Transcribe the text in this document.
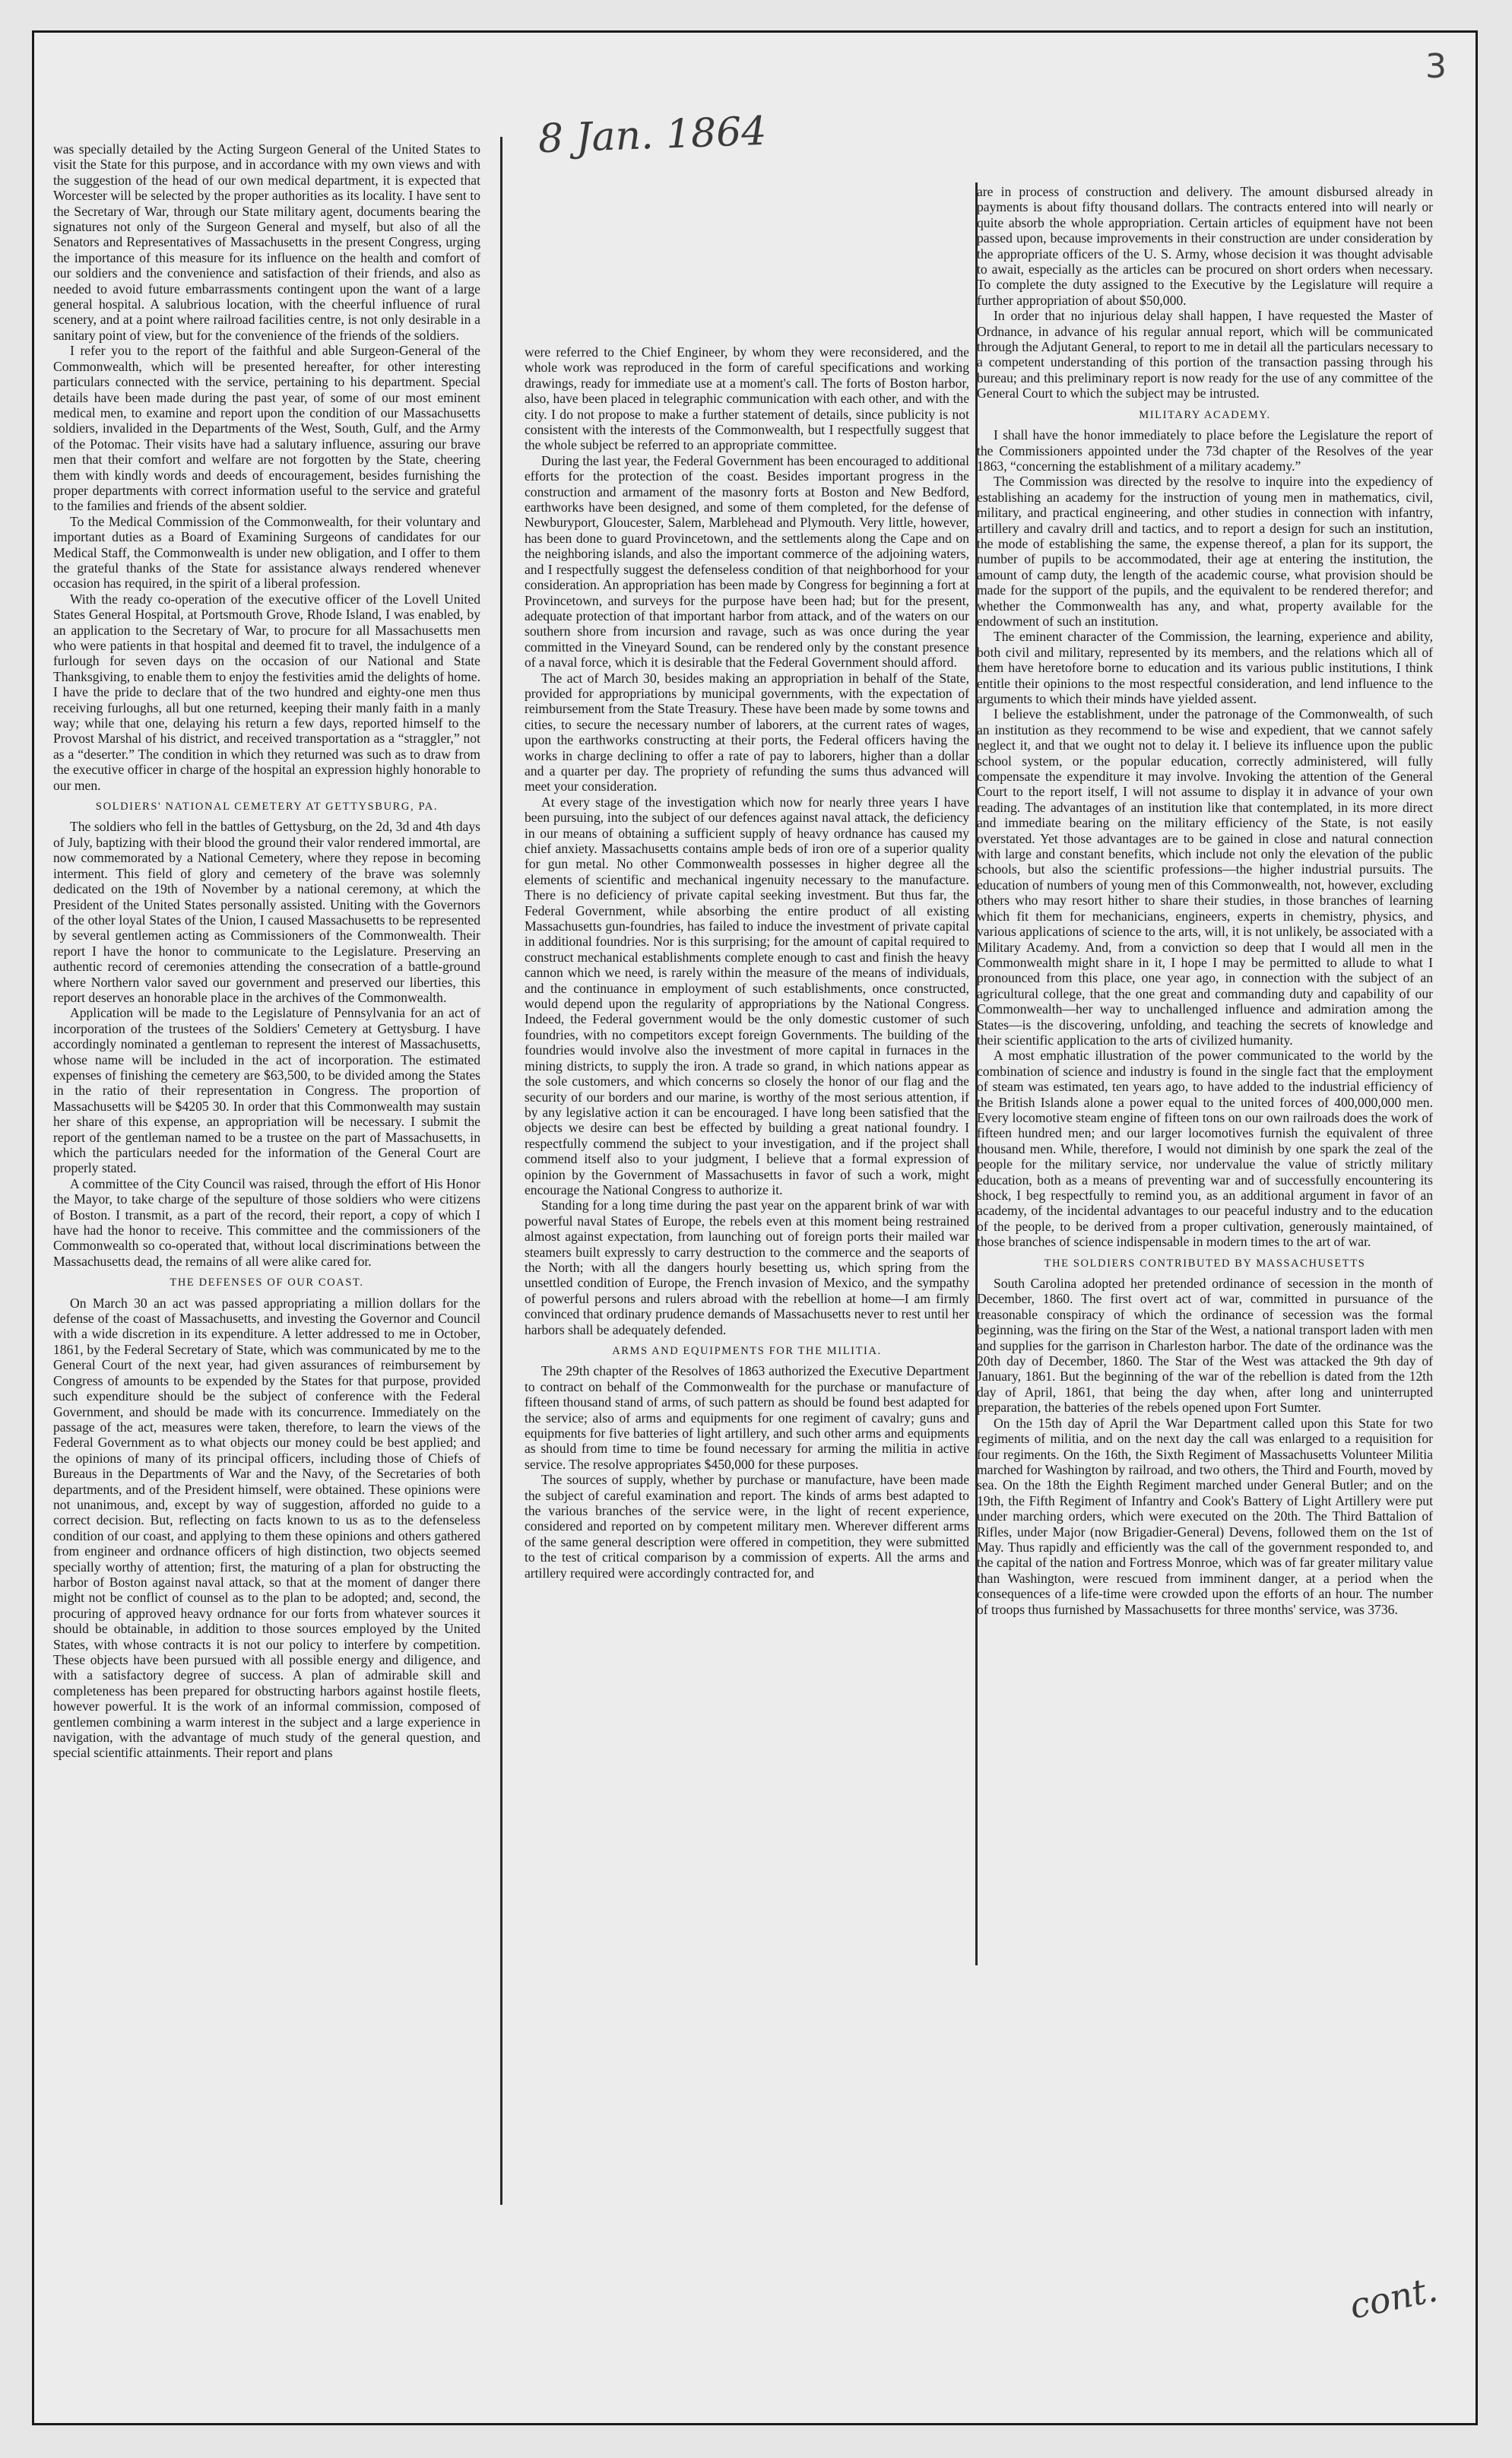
3
8 Jan. 1864
cont.

was specially detailed by the Acting Surgeon General of the United States to visit the State for this purpose, and in accordance with my own views and with the suggestion of the head of our own medical department, it is expected that Worcester will be selected by the proper authorities as its locality. I have sent to the Secretary of War, through our State military agent, documents bearing the signatures not only of the Surgeon General and myself, but also of all the Senators and Representatives of Massachusetts in the present Congress, urging the importance of this measure for its influence on the health and comfort of our soldiers and the convenience and satisfaction of their friends, and also as needed to avoid future embarrassments contingent upon the want of a large general hospital. A salubrious location, with the cheerful influence of rural scenery, and at a point where railroad facilities centre, is not only desirable in a sanitary point of view, but for the convenience of the friends of the soldiers.

I refer you to the report of the faithful and able Surgeon-General of the Commonwealth, which will be presented hereafter, for other interesting particulars connected with the service, pertaining to his department. Special details have been made during the past year, of some of our most eminent medical men, to examine and report upon the condition of our Massachusetts soldiers, invalided in the Departments of the West, South, Gulf, and the Army of the Potomac. Their visits have had a salutary influence, assuring our brave men that their comfort and welfare are not forgotten by the State, cheering them with kindly words and deeds of encouragement, besides furnishing the proper departments with correct information useful to the service and grateful to the families and friends of the absent soldier.

To the Medical Commission of the Commonwealth, for their voluntary and important duties as a Board of Examining Surgeons of candidates for our Medical Staff, the Commonwealth is under new obligation, and I offer to them the grateful thanks of the State for assistance always rendered whenever occasion has required, in the spirit of a liberal profession.

With the ready co-operation of the executive officer of the Lovell United States General Hospital, at Portsmouth Grove, Rhode Island, I was enabled, by an application to the Secretary of War, to procure for all Massachusetts men who were patients in that hospital and deemed fit to travel, the indulgence of a furlough for seven days on the occasion of our National and State Thanksgiving, to enable them to enjoy the festivities amid the delights of home. I have the pride to declare that of the two hundred and eighty-one men thus receiving furloughs, all but one returned, keeping their manly faith in a manly way; while that one, delaying his return a few days, reported himself to the Provost Marshal of his district, and received transportation as a “straggler,” not as a “deserter.” The condition in which they returned was such as to draw from the executive officer in charge of the hospital an expression highly honorable to our men.

SOLDIERS' NATIONAL CEMETERY AT GETTYSBURG, PA.

The soldiers who fell in the battles of Gettysburg, on the 2d, 3d and 4th days of July, baptizing with their blood the ground their valor rendered immortal, are now commemorated by a National Cemetery, where they repose in becoming interment. This field of glory and cemetery of the brave was solemnly dedicated on the 19th of November by a national ceremony, at which the President of the United States personally assisted. Uniting with the Governors of the other loyal States of the Union, I caused Massachusetts to be represented by several gentlemen acting as Commissioners of the Commonwealth. Their report I have the honor to communicate to the Legislature. Preserving an authentic record of ceremonies attending the consecration of a battle-ground where Northern valor saved our government and preserved our liberties, this report deserves an honorable place in the archives of the Commonwealth.

Application will be made to the Legislature of Pennsylvania for an act of incorporation of the trustees of the Soldiers' Cemetery at Gettysburg. I have accordingly nominated a gentleman to represent the interest of Massachusetts, whose name will be included in the act of incorporation. The estimated expenses of finishing the cemetery are $63,500, to be divided among the States in the ratio of their representation in Congress. The proportion of Massachusetts will be $4205 30. In order that this Commonwealth may sustain her share of this expense, an appropriation will be necessary. I submit the report of the gentleman named to be a trustee on the part of Massachusetts, in which the particulars needed for the information of the General Court are properly stated.

A committee of the City Council was raised, through the effort of His Honor the Mayor, to take charge of the sepulture of those soldiers who were citizens of Boston. I transmit, as a part of the record, their report, a copy of which I have had the honor to receive. This committee and the commissioners of the Commonwealth so co-operated that, without local discriminations between the Massachusetts dead, the remains of all were alike cared for.

THE DEFENSES OF OUR COAST.

On March 30 an act was passed appropriating a million dollars for the defense of the coast of Massachusetts, and investing the Governor and Council with a wide discretion in its expenditure. A letter addressed to me in October, 1861, by the Federal Secretary of State, which was communicated by me to the General Court of the next year, had given assurances of reimbursement by Congress of amounts to be expended by the States for that purpose, provided such expenditure should be the subject of conference with the Federal Government, and should be made with its concurrence. Immediately on the passage of the act, measures were taken, therefore, to learn the views of the Federal Government as to what objects our money could be best applied; and the opinions of many of its principal officers, including those of Chiefs of Bureaus in the Departments of War and the Navy, of the Secretaries of both departments, and of the President himself, were obtained. These opinions were not unanimous, and, except by way of suggestion, afforded no guide to a correct decision. But, reflecting on facts known to us as to the defenseless condition of our coast, and applying to them these opinions and others gathered from engineer and ordnance officers of high distinction, two objects seemed specially worthy of attention; first, the maturing of a plan for obstructing the harbor of Boston against naval attack, so that at the moment of danger there might not be conflict of counsel as to the plan to be adopted; and, second, the procuring of approved heavy ordnance for our forts from whatever sources it should be obtainable, in addition to those sources employed by the United States, with whose contracts it is not our policy to interfere by competition. These objects have been pursued with all possible energy and diligence, and with a satisfactory degree of success. A plan of admirable skill and completeness has been prepared for obstructing harbors against hostile fleets, however powerful. It is the work of an informal commission, composed of gentlemen combining a warm interest in the subject and a large experience in navigation, with the advantage of much study of the general question, and special scientific attainments. Their report and plans

were referred to the Chief Engineer, by whom they were reconsidered, and the whole work was reproduced in the form of careful specifications and working drawings, ready for immediate use at a moment's call. The forts of Boston harbor, also, have been placed in telegraphic communication with each other, and with the city. I do not propose to make a further statement of details, since publicity is not consistent with the interests of the Commonwealth, but I respectfully suggest that the whole subject be referred to an appropriate committee.

During the last year, the Federal Government has been encouraged to additional efforts for the protection of the coast. Besides important progress in the construction and armament of the masonry forts at Boston and New Bedford, earthworks have been designed, and some of them completed, for the defense of Newburyport, Gloucester, Salem, Marblehead and Plymouth. Very little, however, has been done to guard Provincetown, and the settlements along the Cape and on the neighboring islands, and also the important commerce of the adjoining waters, and I respectfully suggest the defenseless condition of that neighborhood for your consideration. An appropriation has been made by Congress for beginning a fort at Provincetown, and surveys for the purpose have been had; but for the present, adequate protection of that important harbor from attack, and of the waters on our southern shore from incursion and ravage, such as was once during the year committed in the Vineyard Sound, can be rendered only by the constant presence of a naval force, which it is desirable that the Federal Government should afford.

The act of March 30, besides making an appropriation in behalf of the State, provided for appropriations by municipal governments, with the expectation of reimbursement from the State Treasury. These have been made by some towns and cities, to secure the necessary number of laborers, at the current rates of wages, upon the earthworks constructing at their ports, the Federal officers having the works in charge declining to offer a rate of pay to laborers, higher than a dollar and a quarter per day. The propriety of refunding the sums thus advanced will meet your consideration.

At every stage of the investigation which now for nearly three years I have been pursuing, into the subject of our defences against naval attack, the deficiency in our means of obtaining a sufficient supply of heavy ordnance has caused my chief anxiety. Massachusetts contains ample beds of iron ore of a superior quality for gun metal. No other Commonwealth possesses in higher degree all the elements of scientific and mechanical ingenuity necessary to the manufacture. There is no deficiency of private capital seeking investment. But thus far, the Federal Government, while absorbing the entire product of all existing Massachusetts gun-foundries, has failed to induce the investment of private capital in additional foundries. Nor is this surprising; for the amount of capital required to construct mechanical establishments complete enough to cast and finish the heavy cannon which we need, is rarely within the measure of the means of individuals, and the continuance in employment of such establishments, once constructed, would depend upon the regularity of appropriations by the National Congress. Indeed, the Federal government would be the only domestic customer of such foundries, with no competitors except foreign Governments. The building of the foundries would involve also the investment of more capital in furnaces in the mining districts, to supply the iron. A trade so grand, in which nations appear as the sole customers, and which concerns so closely the honor of our flag and the security of our borders and our marine, is worthy of the most serious attention, if by any legislative action it can be encouraged. I have long been satisfied that the objects we desire can best be effected by building a great national foundry. I respectfully commend the subject to your investigation, and if the project shall commend itself also to your judgment, I believe that a formal expression of opinion by the Government of Massachusetts in favor of such a work, might encourage the National Congress to authorize it.

Standing for a long time during the past year on the apparent brink of war with powerful naval States of Europe, the rebels even at this moment being restrained almost against expectation, from launching out of foreign ports their mailed war steamers built expressly to carry destruction to the commerce and the seaports of the North; with all the dangers hourly besetting us, which spring from the unsettled condition of Europe, the French invasion of Mexico, and the sympathy of powerful persons and rulers abroad with the rebellion at home—I am firmly convinced that ordinary prudence demands of Massachusetts never to rest until her harbors shall be adequately defended.

ARMS AND EQUIPMENTS FOR THE MILITIA.

The 29th chapter of the Resolves of 1863 authorized the Executive Department to contract on behalf of the Commonwealth for the purchase or manufacture of fifteen thousand stand of arms, of such pattern as should be found best adapted for the service; also of arms and equipments for one regiment of cavalry; guns and equipments for five batteries of light artillery, and such other arms and equipments as should from time to time be found necessary for arming the militia in active service. The resolve appropriates $450,000 for these purposes.

The sources of supply, whether by purchase or manufacture, have been made the subject of careful examination and report. The kinds of arms best adapted to the various branches of the service were, in the light of recent experience, considered and reported on by competent military men. Wherever different arms of the same general description were offered in competition, they were submitted to the test of critical comparison by a commission of experts. All the arms and artillery required were accordingly contracted for, and

are in process of construction and delivery. The amount disbursed already in payments is about fifty thousand dollars. The contracts entered into will nearly or quite absorb the whole appropriation. Certain articles of equipment have not been passed upon, because improvements in their construction are under consideration by the appropriate officers of the U. S. Army, whose decision it was thought advisable to await, especially as the articles can be procured on short orders when necessary. To complete the duty assigned to the Executive by the Legislature will require a further appropriation of about $50,000.

In order that no injurious delay shall happen, I have requested the Master of Ordnance, in advance of his regular annual report, which will be communicated through the Adjutant General, to report to me in detail all the particulars necessary to a competent understanding of this portion of the transaction passing through his bureau; and this preliminary report is now ready for the use of any committee of the General Court to which the subject may be intrusted.

MILITARY ACADEMY.

I shall have the honor immediately to place before the Legislature the report of the Commissioners appointed under the 73d chapter of the Resolves of the year 1863, “concerning the establishment of a military academy.”

The Commission was directed by the resolve to inquire into the expediency of establishing an academy for the instruction of young men in mathematics, civil, military, and practical engineering, and other studies in connection with infantry, artillery and cavalry drill and tactics, and to report a design for such an institution, the mode of establishing the same, the expense thereof, a plan for its support, the number of pupils to be accommodated, their age at entering the institution, the amount of camp duty, the length of the academic course, what provision should be made for the support of the pupils, and the equivalent to be rendered therefor; and whether the Commonwealth has any, and what, property available for the endowment of such an institution.

The eminent character of the Commission, the learning, experience and ability, both civil and military, represented by its members, and the relations which all of them have heretofore borne to education and its various public institutions, I think entitle their opinions to the most respectful consideration, and lend influence to the arguments to which their minds have yielded assent.

I believe the establishment, under the patronage of the Commonwealth, of such an institution as they recommend to be wise and expedient, that we cannot safely neglect it, and that we ought not to delay it. I believe its influence upon the public school system, or the popular education, correctly administered, will fully compensate the expenditure it may involve. Invoking the attention of the General Court to the report itself, I will not assume to display it in advance of your own reading. The advantages of an institution like that contemplated, in its more direct and immediate bearing on the military efficiency of the State, is not easily overstated. Yet those advantages are to be gained in close and natural connection with large and constant benefits, which include not only the elevation of the public schools, but also the scientific professions—the higher industrial pursuits. The education of numbers of young men of this Commonwealth, not, however, excluding others who may resort hither to share their studies, in those branches of learning which fit them for mechanicians, engineers, experts in chemistry, physics, and various applications of science to the arts, will, it is not unlikely, be associated with a Military Academy. And, from a conviction so deep that I would all men in the Commonwealth might share in it, I hope I may be permitted to allude to what I pronounced from this place, one year ago, in connection with the subject of an agricultural college, that the one great and commanding duty and capability of our Commonwealth—her way to unchallenged influence and admiration among the States—is the discovering, unfolding, and teaching the secrets of knowledge and their scientific application to the arts of civilized humanity.

A most emphatic illustration of the power communicated to the world by the combination of science and industry is found in the single fact that the employment of steam was estimated, ten years ago, to have added to the industrial efficiency of the British Islands alone a power equal to the united forces of 400,000,000 men. Every locomotive steam engine of fifteen tons on our own railroads does the work of fifteen hundred men; and our larger locomotives furnish the equivalent of three thousand men. While, therefore, I would not diminish by one spark the zeal of the people for the military service, nor undervalue the value of strictly military education, both as a means of preventing war and of successfully encountering its shock, I beg respectfully to remind you, as an additional argument in favor of an academy, of the incidental advantages to our peaceful industry and to the education of the people, to be derived from a proper cultivation, generously maintained, of those branches of science indispensable in modern times to the art of war.

THE SOLDIERS CONTRIBUTED BY MASSACHUSETTS

South Carolina adopted her pretended ordinance of secession in the month of December, 1860. The first overt act of war, committed in pursuance of the treasonable conspiracy of which the ordinance of secession was the formal beginning, was the firing on the Star of the West, a national transport laden with men and supplies for the garrison in Charleston harbor. The date of the ordinance was the 20th day of December, 1860. The Star of the West was attacked the 9th day of January, 1861. But the beginning of the war of the rebellion is dated from the 12th day of April, 1861, that being the day when, after long and uninterrupted preparation, the batteries of the rebels opened upon Fort Sumter.

On the 15th day of April the War Department called upon this State for two regiments of militia, and on the next day the call was enlarged to a requisition for four regiments. On the 16th, the Sixth Regiment of Massachusetts Volunteer Militia marched for Washington by railroad, and two others, the Third and Fourth, moved by sea. On the 18th the Eighth Regiment marched under General Butler; and on the 19th, the Fifth Regiment of Infantry and Cook's Battery of Light Artillery were put under marching orders, which were executed on the 20th. The Third Battalion of Rifles, under Major (now Brigadier-General) Devens, followed them on the 1st of May. Thus rapidly and efficiently was the call of the government responded to, and the capital of the nation and Fortress Monroe, which was of far greater military value than Washington, were rescued from imminent danger, at a period when the consequences of a life-time were crowded upon the efforts of an hour. The number of troops thus furnished by Massachusetts for three months' service, was 3736.
